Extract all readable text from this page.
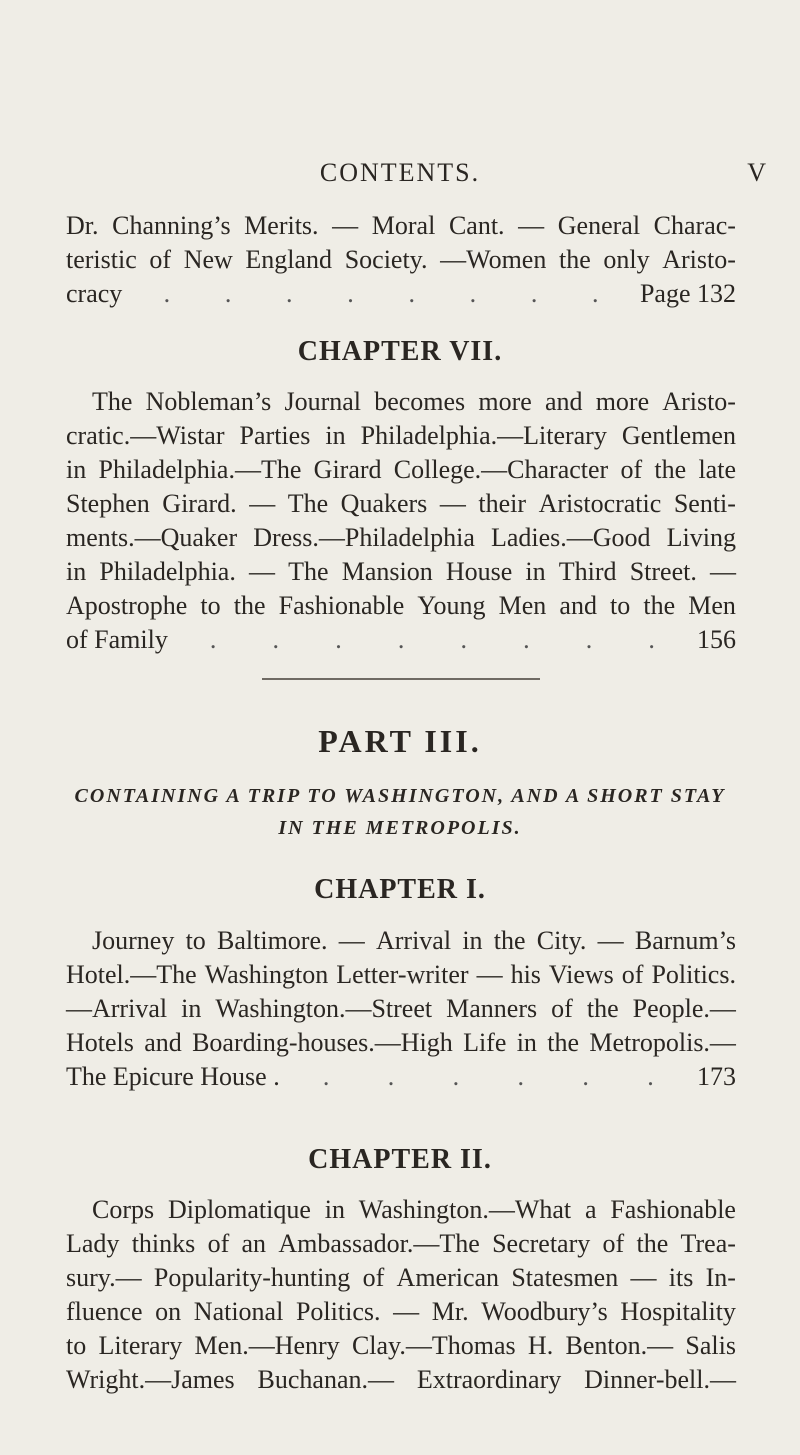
CONTENTS.	V
Dr. Channing’s Merits. — Moral Cant. — General Charac-
teristic of New England Society. —Women the only Aristo-
cracy . . . . . . . . Page 132
CHAPTER VII.
The Nobleman’s Journal becomes more and more Aristo-
cratic.—Wistar Parties in Philadelphia.—Literary Gentlemen
in Philadelphia.—The Girard College.—Character of the late
Stephen Girard. — The Quakers — their Aristocratic Senti-
ments.—Quaker Dress.—Philadelphia Ladies.—Good Living
in Philadelphia. — The Mansion House in Third Street. —
Apostrophe to the Fashionable Young Men and to the Men
of Family . . . . . . . . 156
PART III.

CONTAINING A TRIP TO WASHINGTON, AND A SHORT STAY

IN THE METROPOLIS.

CHAPTER I.
Journey to Baltimore. — Arrival in the City. — Barnum’s
Hotel.—The Washington Letter-writer — his Views of Politics.
—Arrival in Washington.—Street Manners of the People.—
Hotels and Boarding-houses.—High Life in the Metropolis.—
The Epicure House . . . . . . . 173
CHAPTER II.
Corps Diplomatique in Washington.—What a Fashionable
Lady thinks of an Ambassador.—The Secretary of the Trea-
sury.— Popularity-hunting of American Statesmen — its In-
fluence on National Politics. — Mr. Woodbury’s Hospitality
to Literary Men.—Henry Clay.—Thomas H. Benton.— Salis
Wright.—James Buchanan.— Extraordinary Dinner-bell.—
